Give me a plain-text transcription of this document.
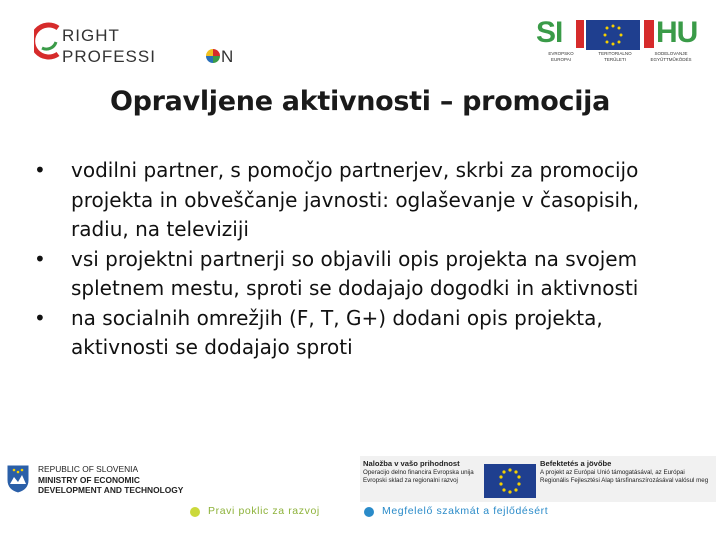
RIGHT
PROFESSI	N
SI	HU
EVROPSKO EUROPAI
TERITORIALNO TERÜLETI
SODELOVANJE EGYÜTTMŰKÖDÉS
Opravljene aktivnosti – promocija
•	vodilni partner, s pomočjo partnerjev, skrbi za promocijo projekta in obveščanje javnosti: oglaševanje v časopisih, radiu, na televiziji
•	vsi projektni partnerji so objavili opis projekta na svojem spletnem mestu, sproti se dodajajo dogodki in aktivnosti
•	na socialnih omrežjih (F, T, G+) dodani opis projekta, aktivnosti se dodajajo sproti
REPUBLIC OF SLOVENIA
MINISTRY OF ECONOMIC
DEVELOPMENT AND TECHNOLOGY
Naložba v vašo prihodnost
Operacijo delno financira Evropska unija
Evropski sklad za regionalni razvoj
Befektetés a jövőbe
A projekt az Európai Unió támogatásával, az Európai
Regionális Fejlesztési Alap társfinanszírozásával valósul meg
Pravi poklic za razvoj	Megfelelő szakmát a fejlődésért
